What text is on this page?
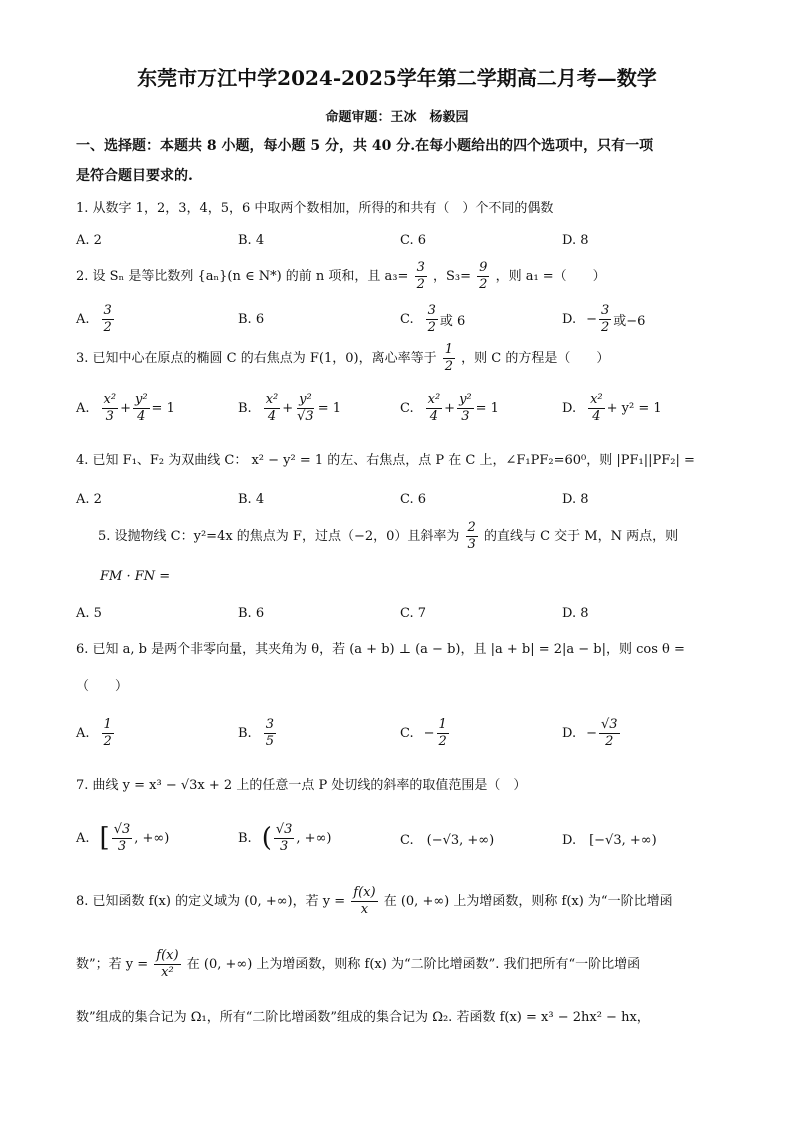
东莞市万江中学2024-2025学年第二学期高二月考—数学
命题审题：王冰　杨毅园
一、选择题：本题共 8 小题，每小题 5 分，共 40 分.在每小题给出的四个选项中，只有一项
是符合题目要求的.
1. 从数字 1，2，3，4，5，6 中取两个数相加，所得的和共有（　）个不同的偶数
A. 2	B. 4	C. 6	D. 8
2. 设 Sₙ 是等比数列 {aₙ}(n ∈ N*) 的前 n 项和，且 $a_3= \frac{3}{2}$ ，$S_3= \frac{9}{2}$ ，则 a₁ =（　　）
A. $\frac{3}{2}$	B. 6	C. $\frac{3}{2}$ 或 6	D. − $\frac{3}{2}$ 或−6
3. 已知中心在原点的椭圆 C 的右焦点为 F(1，0)，离心率等于 $\frac{1}{2}$ ，则 C 的方程是（　　）
A. $\frac{\text{x²}}{3} + \frac{\text{y²}}{4} = 1$	B. $\frac{\text{x²}}{4} + \frac{\text{y²}}{√3} = 1$	C. $\frac{\text{x²}}{4} + \frac{\text{y²}}{3} = 1$	D. $\frac{\text{x²}}{4} + y^2 = 1$
4. 已知 F₁、F₂ 为双曲线 C： x² − y² = 1 的左、右焦点，点 P 在 C 上，∠F₁PF₂=60⁰，则 |PF₁||PF₂| =
A. 2	B. 4	C. 6	D. 8
5. 设抛物线 C：y²=4x 的焦点为 F，过点（−2，0）且斜率为 $\frac{2}{3}$ 的直线与 C 交于 M，N 两点，则
FM · FN =
A. 5	B. 6	C. 7	D. 8
6. 已知 a, b 是两个非零向量，其夹角为 θ，若 (a + b) ⊥ (a − b)，且 |a + b| = 2|a − b|，则 cos θ =
（　　）
A. $\frac{1}{2}$	B. $\frac{3}{5}$	C. − $\frac{1}{2}$	D. − $\frac{√3}{2}$
7. 曲线 y = x³ − √3x + 2 上的任意一点 P 处切线的斜率的取值范围是（　）
A. [ $\frac{√3}{3}$ , +∞)	B. ( $\frac{√3}{3}$ , +∞)	C.　(−√3, +∞)	D.　[−√3, +∞)
8. 已知函数 f(x) 的定义域为 (0, +∞)，若 $y = \frac{f(x)}{x}$ 在 (0, +∞) 上为增函数，则称 f(x) 为“一阶比增函
数”；若 $y = \frac{f(x)}{\text{x²}}$ 在 (0, +∞) 上为增函数，则称 f(x) 为“二阶比增函数”. 我们把所有“一阶比增函
数”组成的集合记为 Ω₁，所有“二阶比增函数”组成的集合记为 Ω₂. 若函数 f(x) = x³ − 2hx² − hx，
